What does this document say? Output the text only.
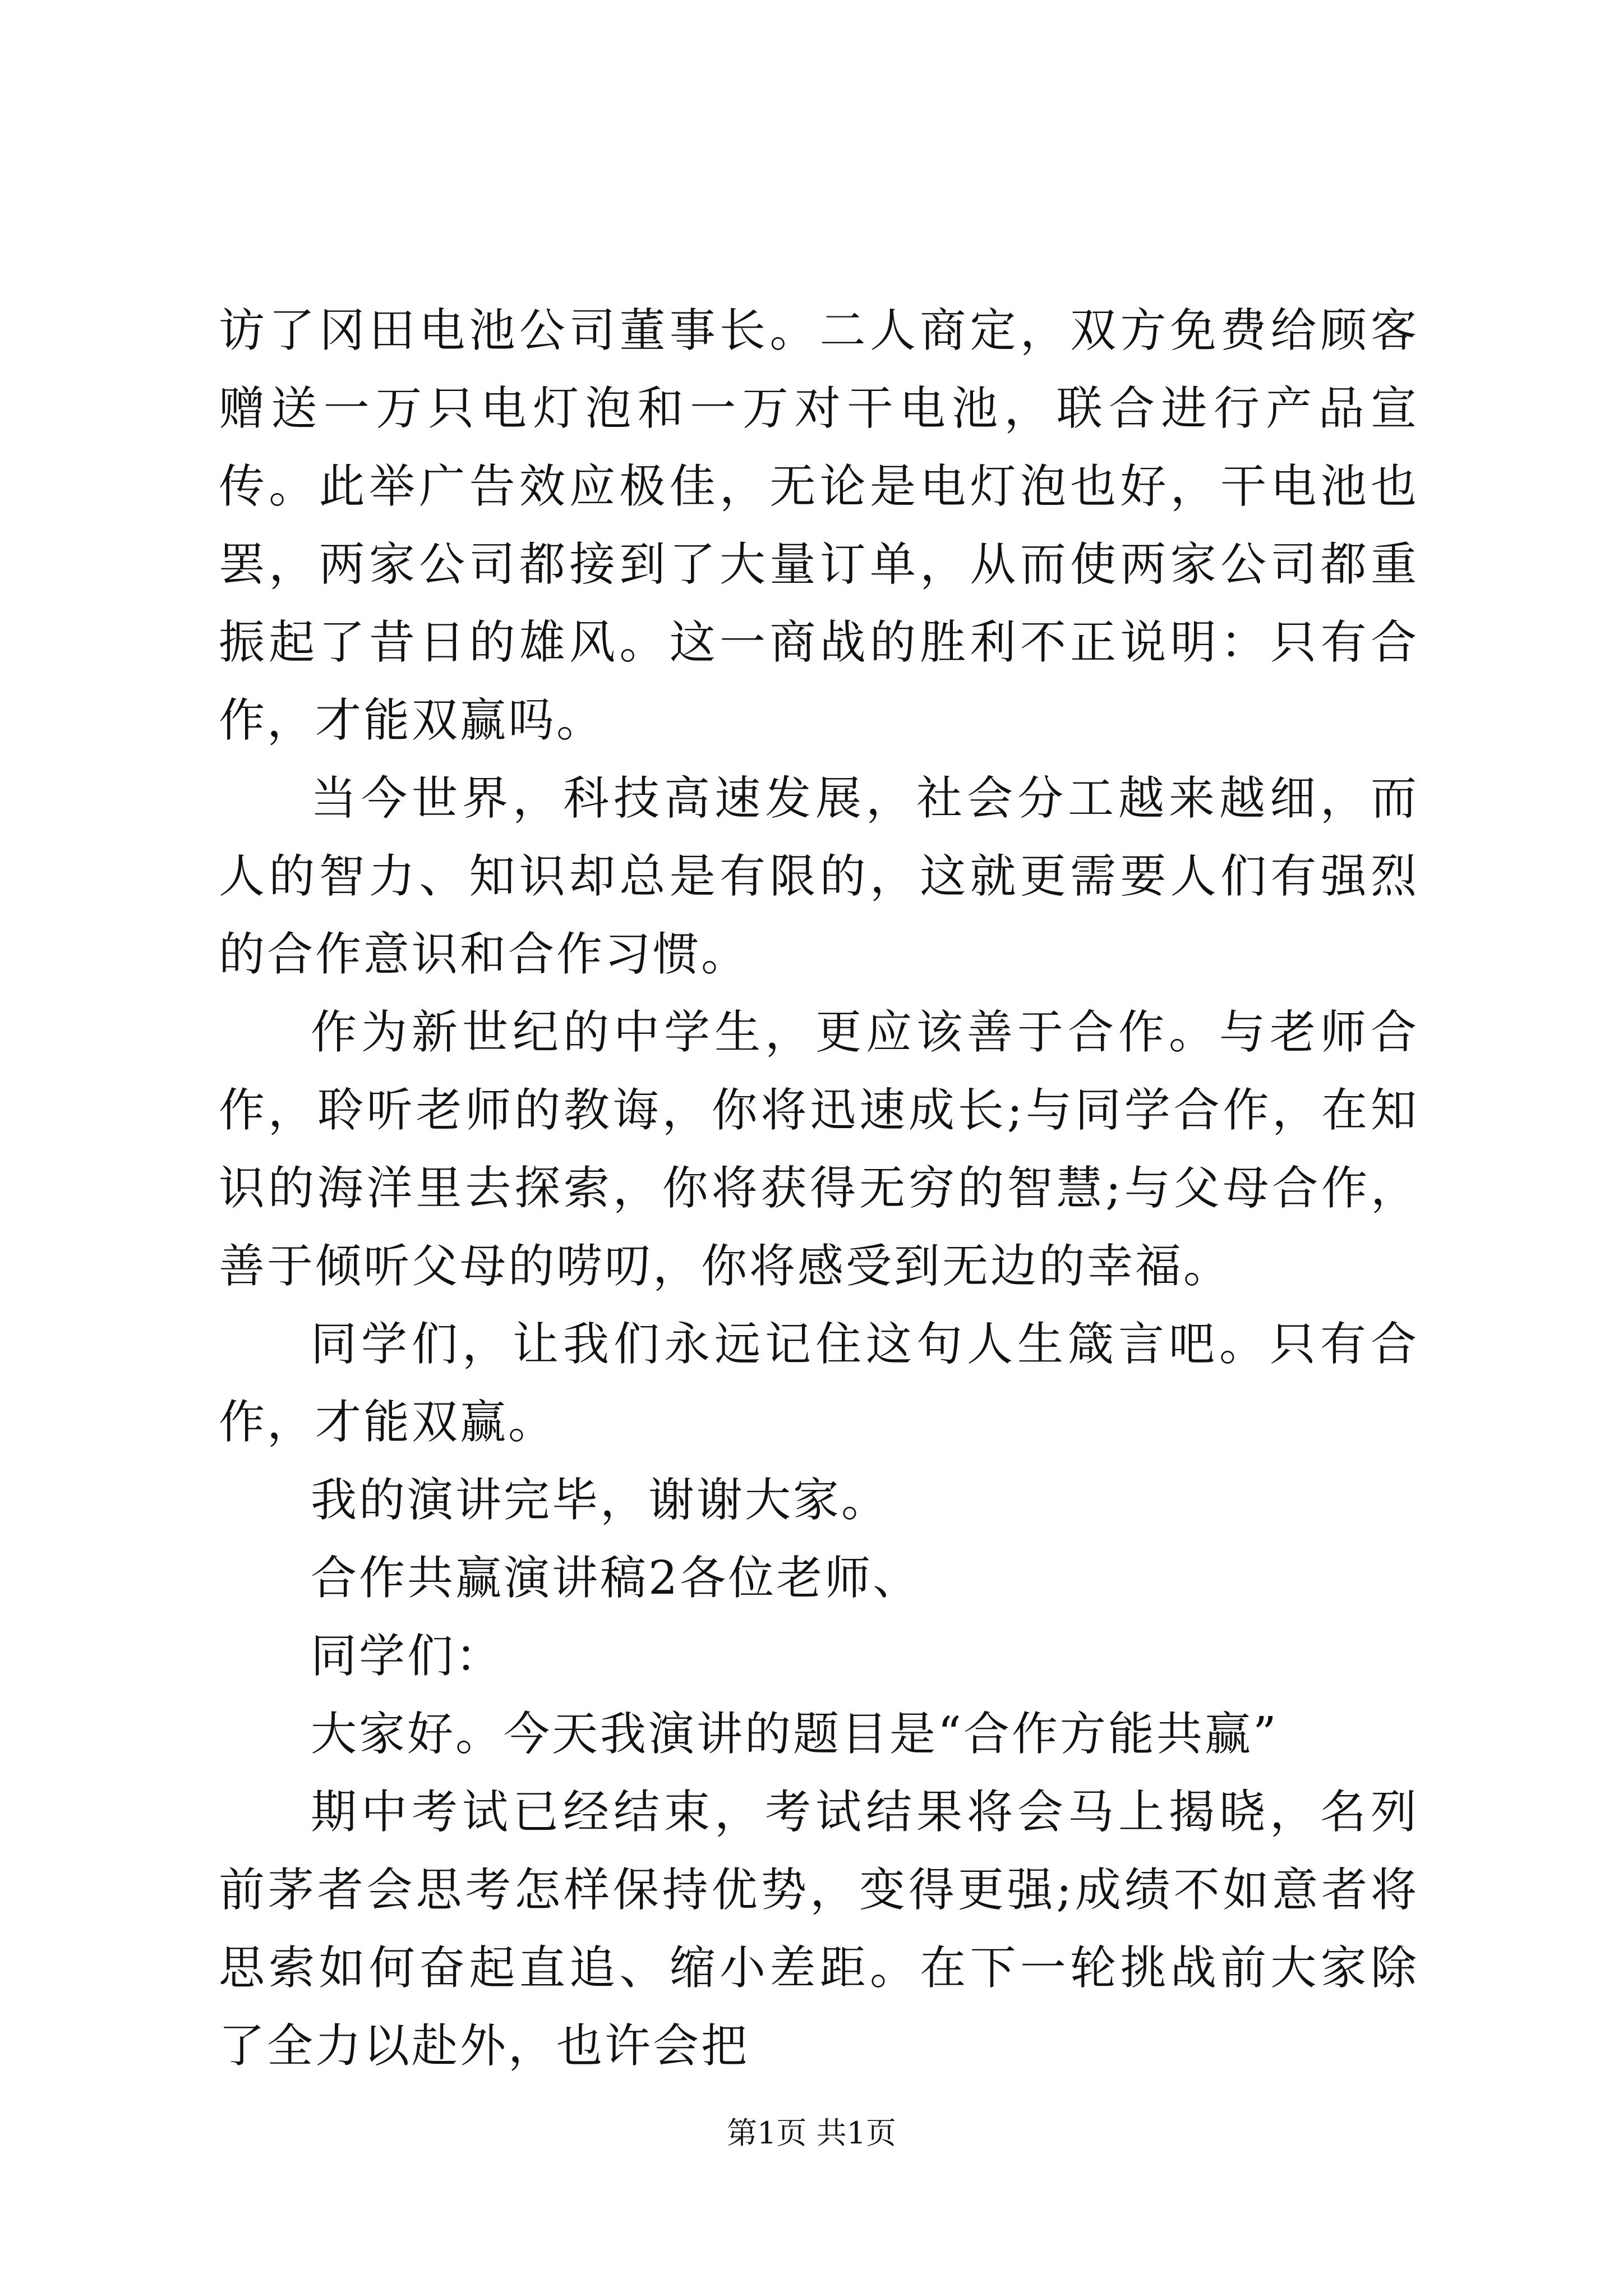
访了冈田电池公司董事长。二人商定，双方免费给顾客赠送一万只电灯泡和一万对干电池，联合进行产品宣传。此举广告效应极佳，无论是电灯泡也好，干电池也罢，两家公司都接到了大量订单，从而使两家公司都重振起了昔日的雄风。这一商战的胜利不正说明：只有合作，才能双赢吗。

当今世界，科技高速发展，社会分工越来越细，而人的智力、知识却总是有限的，这就更需要人们有强烈的合作意识和合作习惯。

作为新世纪的中学生，更应该善于合作。与老师合作，聆听老师的教诲，你将迅速成长;与同学合作，在知识的海洋里去探索，你将获得无穷的智慧;与父母合作，善于倾听父母的唠叨，你将感受到无边的幸福。

同学们，让我们永远记住这句人生箴言吧。只有合作，才能双赢。

我的演讲完毕，谢谢大家。

合作共赢演讲稿2各位老师、

同学们：

大家好。今天我演讲的题目是“合作方能共赢”

期中考试已经结束，考试结果将会马上揭晓，名列前茅者会思考怎样保持优势，变得更强;成绩不如意者将思索如何奋起直追、缩小差距。在下一轮挑战前大家除了全力以赴外，也许会把

第1页 共1页
